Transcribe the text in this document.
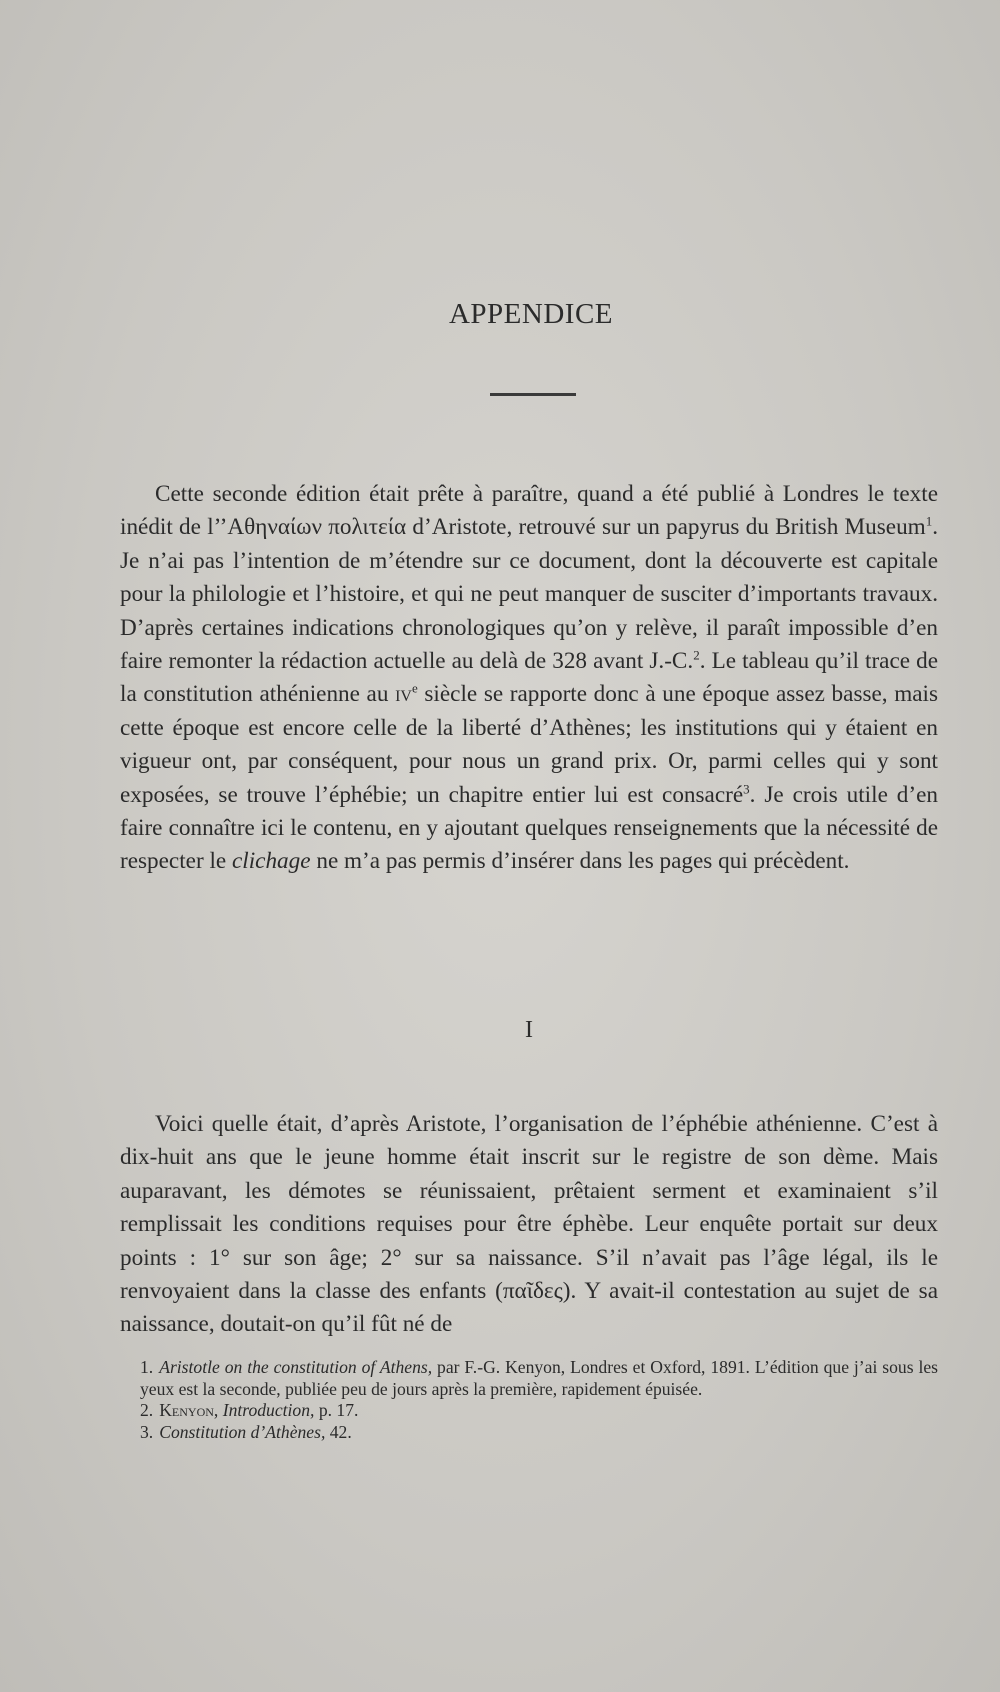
APPENDICE

Cette seconde édition était prête à paraître, quand a été publié à Londres le texte inédit de l’’Αθηναίων πολιτεία d’Aristote, retrouvé sur un papyrus du British Museum$^1$. Je n’ai pas l’intention de m’étendre sur ce document, dont la découverte est capitale pour la philologie et l’histoire, et qui ne peut manquer de susciter d’importants travaux. D’après certaines indications chronologiques qu’on y relève, il paraît impossible d’en faire remonter la rédaction actuelle au delà de 328 avant J.-C.$^2$. Le tableau qu’il trace de la constitution athénienne au $iv^e$ siècle se rapporte donc à une époque assez basse, mais cette époque est encore celle de la liberté d’Athènes; les institutions qui y étaient en vigueur ont, par conséquent, pour nous un grand prix. Or, parmi celles qui y sont exposées, se trouve l’éphébie; un chapitre entier lui est consacré$^3$. Je crois utile d’en faire connaître ici le contenu, en y ajoutant quelques renseignements que la nécessité de respecter le clichage ne m’a pas permis d’insérer dans les pages qui précèdent.

I

Voici quelle était, d’après Aristote, l’organisation de l’éphébie athénienne. C’est à dix-huit ans que le jeune homme était inscrit sur le registre de son dème. Mais auparavant, les démotes se réunissaient, prêtaient serment et examinaient s’il remplissait les conditions requises pour être éphèbe. Leur enquête portait sur deux points : 1° sur son âge; 2° sur sa naissance. S’il n’avait pas l’âge légal, ils le renvoyaient dans la classe des enfants (παῖδες). Y avait-il contestation au sujet de sa naissance, doutait-on qu’il fût né de

1. Aristotle on the constitution of Athens, par F.-G. Kenyon, Londres et Oxford, 1891. L’édition que j’ai sous les yeux est la seconde, publiée peu de jours après la première, rapidement épuisée.

2. Kenyon, Introduction, p. 17.

3. Constitution d’Athènes, 42.
